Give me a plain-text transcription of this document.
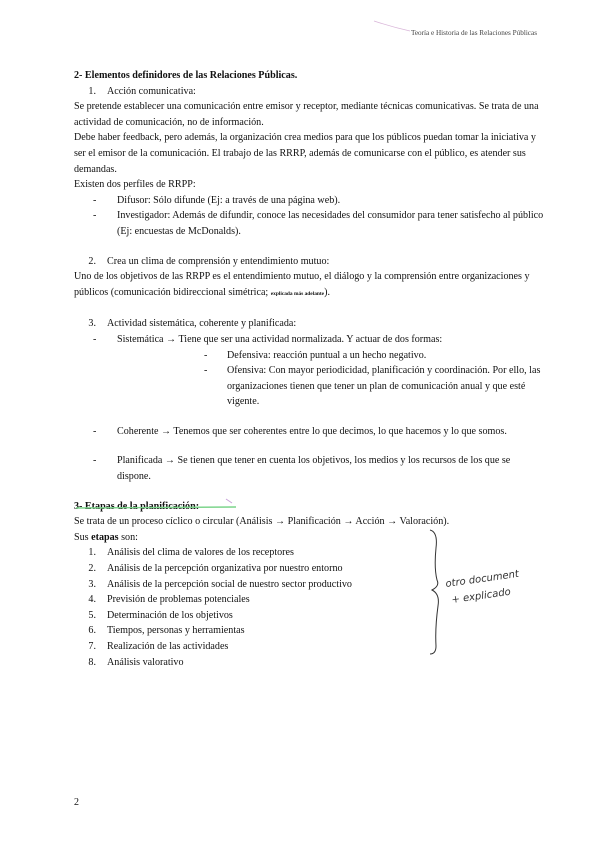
Teoría e Historia de las Relaciones Públicas

2- Elementos definidores de las Relaciones Públicas.

1.	Acción comunicativa:

Se pretende establecer una comunicación entre emisor y receptor, mediante técnicas comunicativas. Se trata de una actividad de comunicación, no de información.

Debe haber feedback, pero además, la organización crea medios para que los públicos puedan tomar la iniciativa y ser el emisor de la comunicación. El trabajo de las RRRP, además de comunicarse con el público, es atender sus demandas.

Existen dos perfiles de RRPP:

-	Difusor: Sólo difunde (Ej: a través de una página web).
-	Investigador: Además de difundir, conoce las necesidades del consumidor para tener satisfecho al público (Ej: encuestas de McDonalds).
2.	Crea un clima de comprensión y entendimiento mutuo:

Uno de los objetivos de las RRPP es el entendimiento mutuo, el diálogo y la comprensión entre organizaciones y públicos (comunicación bidireccional simétrica; explicada más adelante).

3.	Actividad sistemática, coherente y planificada:
-	Sistemática → Tiene que ser una actividad normalizada. Y actuar de dos formas:
-	Defensiva: reacción puntual a un hecho negativo.
-	Ofensiva: Con mayor periodicidad, planificación y coordinación. Por ello, las organizaciones tienen que tener un plan de comunicación anual y que esté vigente.
-	Coherente → Tenemos que ser coherentes entre lo que decimos, lo que hacemos y lo que somos.
-	Planificada → Se tienen que tener en cuenta los objetivos, los medios y los recursos de los que se dispone.

3- Etapas de la planificación:

Se trata de un proceso cíclico o circular (Análisis → Planificación → Acción → Valoración).

Sus etapas son:

1.	Análisis del clima de valores de los receptores
2.	Análisis de la percepción organizativa por nuestro entorno
3.	Análisis de la percepción social de nuestro sector productivo
4.	Previsión de problemas potenciales
5.	Determinación de los objetivos
6.	Tiempos, personas y herramientas
7.	Realización de las actividades
8.	Análisis valorativo
otro document
+ explicado
2
